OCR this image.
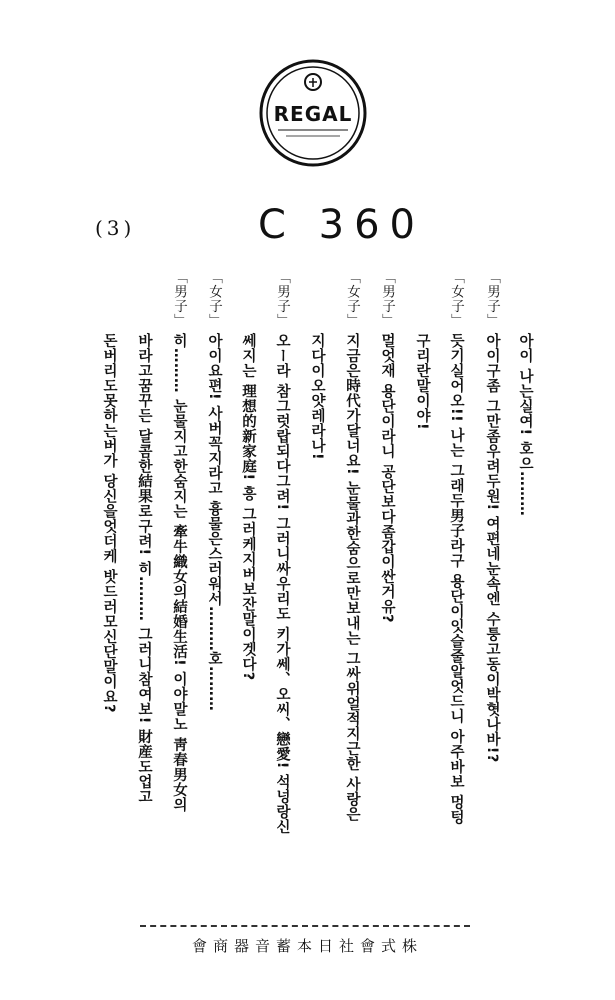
REGAL
(3)	C 360
「男子」
「女子」
「男子」
「女子」
「男子」
「女子」
「男子」
아이 나는실여! 호으………
아이구좀 그만좀우려두원! 여편네눈속엔 수퉁고동이박혓나바!?
듯기실어오!! 나는 그래두男子라구 용단이잇슬줄알엇드니 아주바보 멍텅
구리란말이야!
멀엇재 용단이라니 공단보다좀갑이싼거유?
지금은時代가달너요! 눈물과한숨으로만보내는 그싸위얼적지근한 사랑은
지다이오얏레라나!
오ー라 참그럿랍되다그려! 그러니싸우리도 키가쎄、오씨、戀愛! 석넝랑신
쎄지는 理想的新家庭! 흥 그러케지버보잔말이겟다?
아이요편! 사버꼭지라고 흉물은스러워서………호………
히……… 눈물지고한숨지는 牽牛織女의結婚生活! 이야말노 靑春男女의
바라고꿈꾸든 달콤한結果로구려! 히……… 그러니참여보! 財産도업고
돈버리도못하는버가 당신을엇더케 밧드러모신단말이요?
會商器音蓄本日社會式株
